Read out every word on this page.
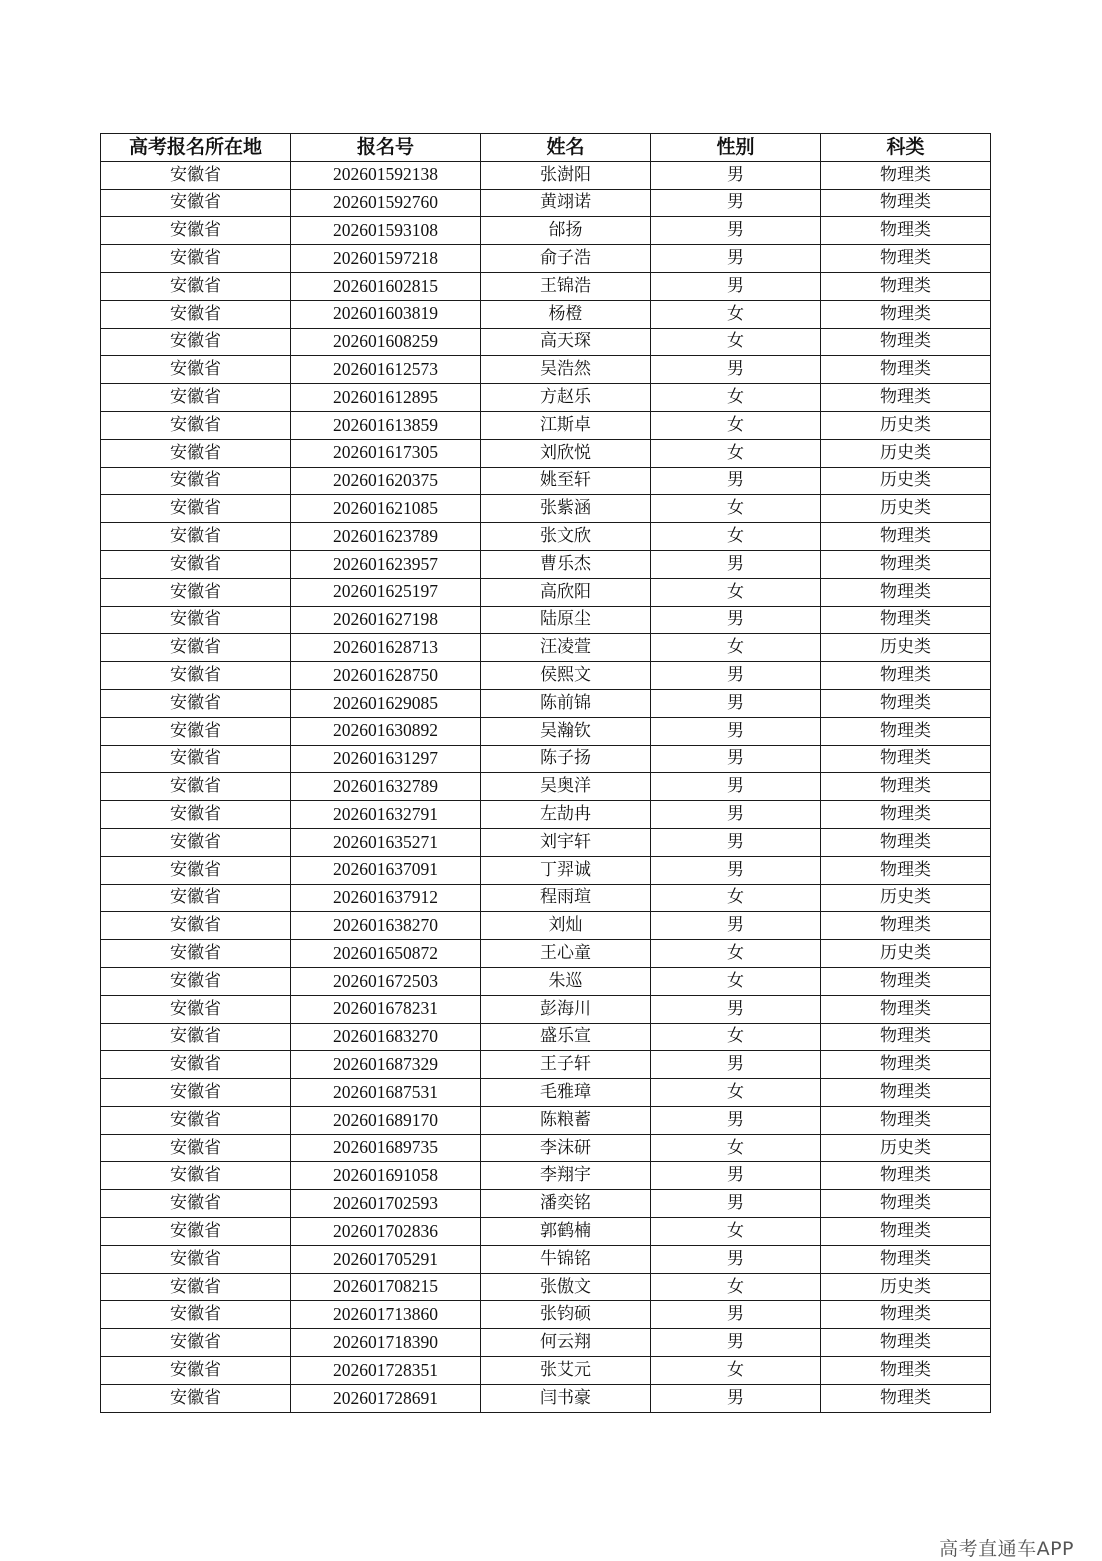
高考报名所在地	报名号	姓名	性别	科类
安徽省	202601592138	张澍阳	男	物理类
安徽省	202601592760	黄翊诺	男	物理类
安徽省	202601593108	邰扬	男	物理类
安徽省	202601597218	俞子浩	男	物理类
安徽省	202601602815	王锦浩	男	物理类
安徽省	202601603819	杨橙	女	物理类
安徽省	202601608259	高天琛	女	物理类
安徽省	202601612573	吴浩然	男	物理类
安徽省	202601612895	方赵乐	女	物理类
安徽省	202601613859	江斯卓	女	历史类
安徽省	202601617305	刘欣悦	女	历史类
安徽省	202601620375	姚至轩	男	历史类
安徽省	202601621085	张紫涵	女	历史类
安徽省	202601623789	张文欣	女	物理类
安徽省	202601623957	曹乐杰	男	物理类
安徽省	202601625197	高欣阳	女	物理类
安徽省	202601627198	陆原尘	男	物理类
安徽省	202601628713	汪凌萱	女	历史类
安徽省	202601628750	侯熙文	男	物理类
安徽省	202601629085	陈前锦	男	物理类
安徽省	202601630892	吴瀚钦	男	物理类
安徽省	202601631297	陈子扬	男	物理类
安徽省	202601632789	吴奥洋	男	物理类
安徽省	202601632791	左劼冉	男	物理类
安徽省	202601635271	刘宇轩	男	物理类
安徽省	202601637091	丁羿诚	男	物理类
安徽省	202601637912	程雨瑄	女	历史类
安徽省	202601638270	刘灿	男	物理类
安徽省	202601650872	王心童	女	历史类
安徽省	202601672503	朱巡	女	物理类
安徽省	202601678231	彭海川	男	物理类
安徽省	202601683270	盛乐宣	女	物理类
安徽省	202601687329	王子轩	男	物理类
安徽省	202601687531	毛雅璋	女	物理类
安徽省	202601689170	陈粮蓄	男	物理类
安徽省	202601689735	李沫研	女	历史类
安徽省	202601691058	李翔宇	男	物理类
安徽省	202601702593	潘奕铭	男	物理类
安徽省	202601702836	郭鹤楠	女	物理类
安徽省	202601705291	牛锦铭	男	物理类
安徽省	202601708215	张傲文	女	历史类
安徽省	202601713860	张钧硕	男	物理类
安徽省	202601718390	何云翔	男	物理类
安徽省	202601728351	张艾元	女	物理类
安徽省	202601728691	闫书豪	男	物理类
高考直通车APP
